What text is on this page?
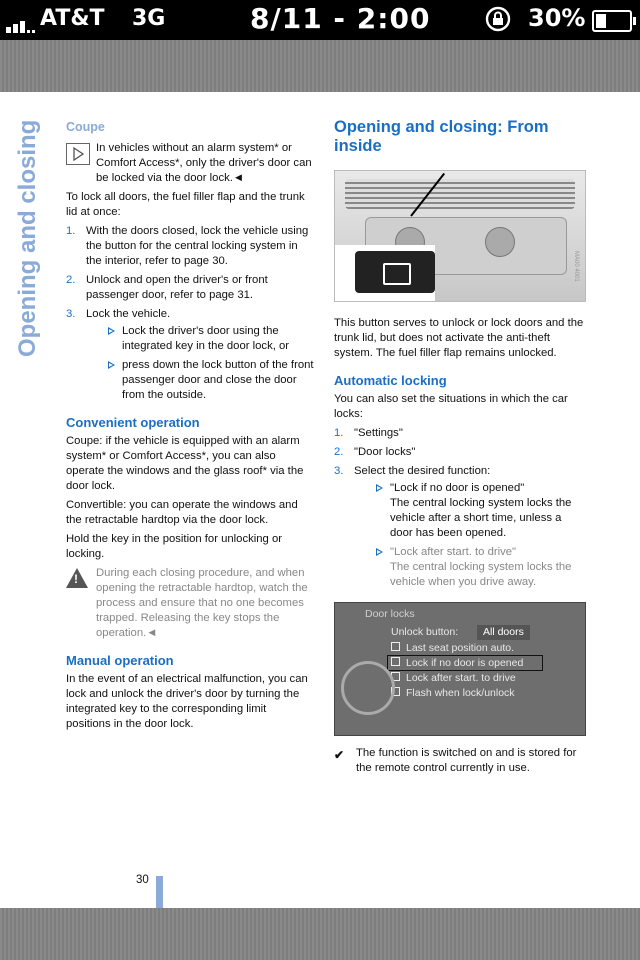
AT&T 3G	8/11 - 2:00	30%
Opening and closing Coupe

In vehicles without an alarm system* or Comfort Access*, only the driver's door can be locked via the door lock.◄

To lock all doors, the fuel filler flap and the trunk lid at once:

1. With the doors closed, lock the vehicle using the button for the central locking system in the interior, refer to page 30.
2. Unlock and open the driver's or front passenger door, refer to page 31.
3. Lock the vehicle.
Lock the driver's door using the integrated key in the door lock, or
press down the lock button of the front passenger door and close the door from the outside.
Convenient operation

Coupe: if the vehicle is equipped with an alarm system* or Comfort Access*, you can also operate the windows and the glass roof* via the door lock.

Convertible: you can operate the windows and the retractable hardtop via the door lock.

Hold the key in the position for unlocking or locking.

!

During each closing procedure, and when opening the retractable hardtop, watch the process and ensure that no one becomes trapped. Releasing the key stops the operation.◄

Manual operation

In the event of an electrical malfunction, you can lock and unlock the driver's door by turning the integrated key to the corresponding limit positions in the door lock.

Opening and closing: From inside
MA00 4001

This button serves to unlock or lock doors and the trunk lid, but does not activate the anti-theft system. The fuel filler flap remains unlocked.

Automatic locking

You can also set the situations in which the car locks:

1. "Settings"
2. "Door locks"
3. Select the desired function:
"Lock if no door is opened"
The central locking system locks the vehicle after a short time, unless a door has been opened.
"Lock after start. to drive"
The central locking system locks the vehicle when you drive away.
Door locks
Unlock button:	All doors
Last seat position auto.
Lock if no door is opened
Lock after start. to drive
Flash when lock/unlock
✔ The function is switched on and is stored for the remote control currently in use.

30
